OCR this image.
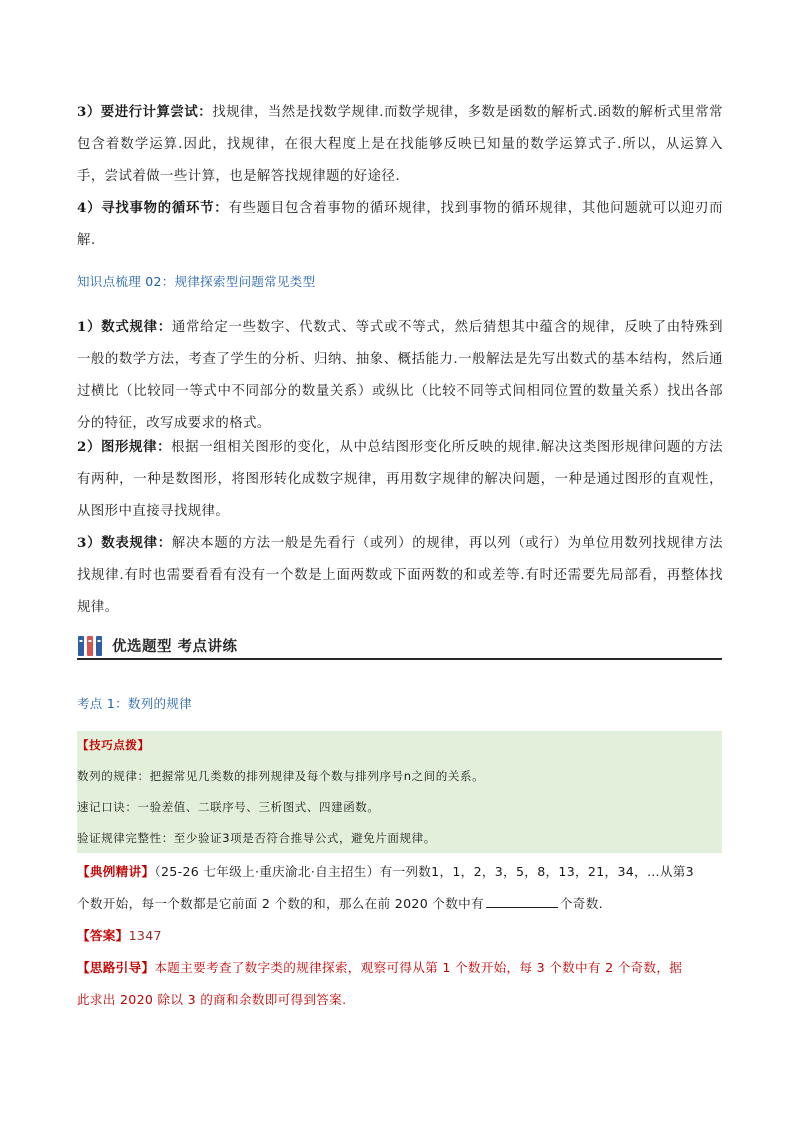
3）要进行计算尝试：找规律，当然是找数学规律.而数学规律，多数是函数的解析式.函数的解析式里常常包含着数学运算.因此，找规律，在很大程度上是在找能够反映已知量的数学运算式子.所以，从运算入手，尝试着做一些计算，也是解答找规律题的好途径.

4）寻找事物的循环节：有些题目包含着事物的循环规律，找到事物的循环规律，其他问题就可以迎刃而解.

知识点梳理 02：规律探索型问题常见类型

1）数式规律：通常给定一些数字、代数式、等式或不等式，然后猜想其中蕴含的规律，反映了由特殊到一般的数学方法，考查了学生的分析、归纳、抽象、概括能力.一般解法是先写出数式的基本结构，然后通过横比（比较同一等式中不同部分的数量关系）或纵比（比较不同等式间相同位置的数量关系）找出各部分的特征，改写成要求的格式。

2）图形规律：根据一组相关图形的变化，从中总结图形变化所反映的规律.解决这类图形规律问题的方法有两种，一种是数图形，将图形转化成数字规律，再用数字规律的解决问题，一种是通过图形的直观性，从图形中直接寻找规律。

3）数表规律：解决本题的方法一般是先看行（或列）的规律，再以列（或行）为单位用数列找规律方法找规律.有时也需要看看有没有一个数是上面两数或下面两数的和或差等.有时还需要先局部看，再整体找规律。

优选题型 考点讲练

考点 1：数列的规律

【技巧点拨】

数列的规律：把握常见几类数的排列规律及每个数与排列序号n之间的关系。

速记口诀：一验差值、二联序号、三析图式、四建函数。

验证规律完整性：至少验证3项是否符合推导公式，避免片面规律。

【典例精讲】（25-26 七年级上·重庆渝北·自主招生）有一列数1，1，2，3，5，8，13，21，34，…从第3

个数开始，每一个数都是它前面 2 个数的和，那么在前 2020 个数中有	个奇数.

【答案】1347

【思路引导】本题主要考查了数字类的规律探索，观察可得从第 1 个数开始，每 3 个数中有 2 个奇数，据

此求出 2020 除以 3 的商和余数即可得到答案.
